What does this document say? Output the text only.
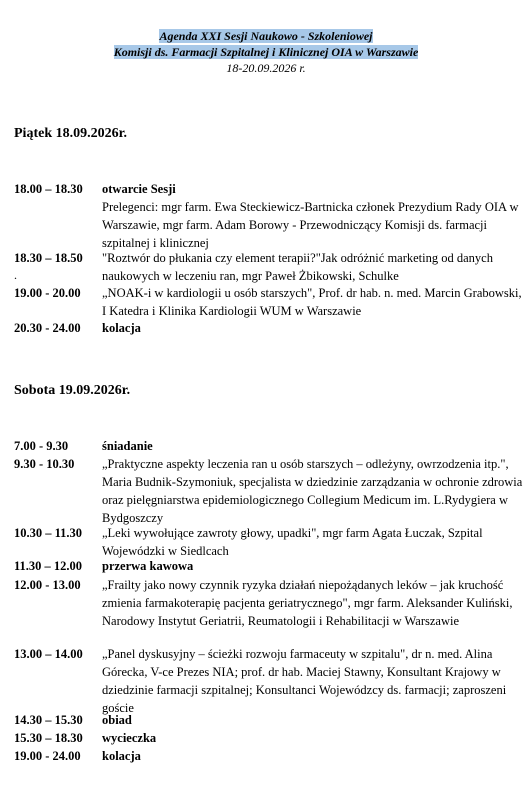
Agenda XXI Sesji Naukowo - Szkoleniowej
Komisji ds. Farmacji Szpitalnej i Klinicznej OIA w Warszawie
18-20.09.2026 r.
Piątek 18.09.2026r.
18.00 – 18.30 otwarcie Sesji
Prelegenci: mgr farm. Ewa Steckiewicz-Bartnicka członek Prezydium Rady OIA w Warszawie, mgr farm. Adam Borowy - Przewodniczący Komisji ds. farmacji szpitalnej i klinicznej
18.30 – 18.50
.
"Roztwór do płukania czy element terapii?"Jak odróżnić marketing od danych naukowych w leczeniu ran, mgr Paweł Żbikowski, Schulke
19.00 - 20.00 „NOAK-i w kardiologii u osób starszych", Prof. dr hab. n. med. Marcin Grabowski, I Katedra i Klinika Kardiologii WUM w Warszawie
20.30 - 24.00 kolacja
Sobota 19.09.2026r.
7.00 - 9.30	śniadanie
9.30 - 10.30 „Praktyczne aspekty leczenia ran u osób starszych – odleżyny, owrzodzenia itp.", Maria Budnik-Szymoniuk, specjalista w dziedzinie zarządzania w ochronie zdrowia oraz pielęgniarstwa epidemiologicznego Collegium Medicum im. L.Rydygiera w Bydgoszczy
10.30 – 11.30 „Leki wywołujące zawroty głowy, upadki", mgr farm Agata Łuczak, Szpital Wojewódzki w Siedlcach
11.30 – 12.00 przerwa kawowa
12.00 - 13.00 „Frailty jako nowy czynnik ryzyka działań niepożądanych leków – jak kruchość zmienia farmakoterapię pacjenta geriatrycznego", mgr farm. Aleksander Kuliński, Narodowy Instytut Geriatrii, Reumatologii i Rehabilitacji w Warszawie
13.00 – 14.00 „Panel dyskusyjny – ścieżki rozwoju farmaceuty w szpitalu", dr n. med. Alina Górecka, V-ce Prezes NIA; prof. dr hab. Maciej Stawny, Konsultant Krajowy w dziedzinie farmacji szpitalnej; Konsultanci Wojewódzcy ds. farmacji; zaproszeni goście
14.30 – 15.30 obiad
15.30 – 18.30 wycieczka
19.00 - 24.00 kolacja
